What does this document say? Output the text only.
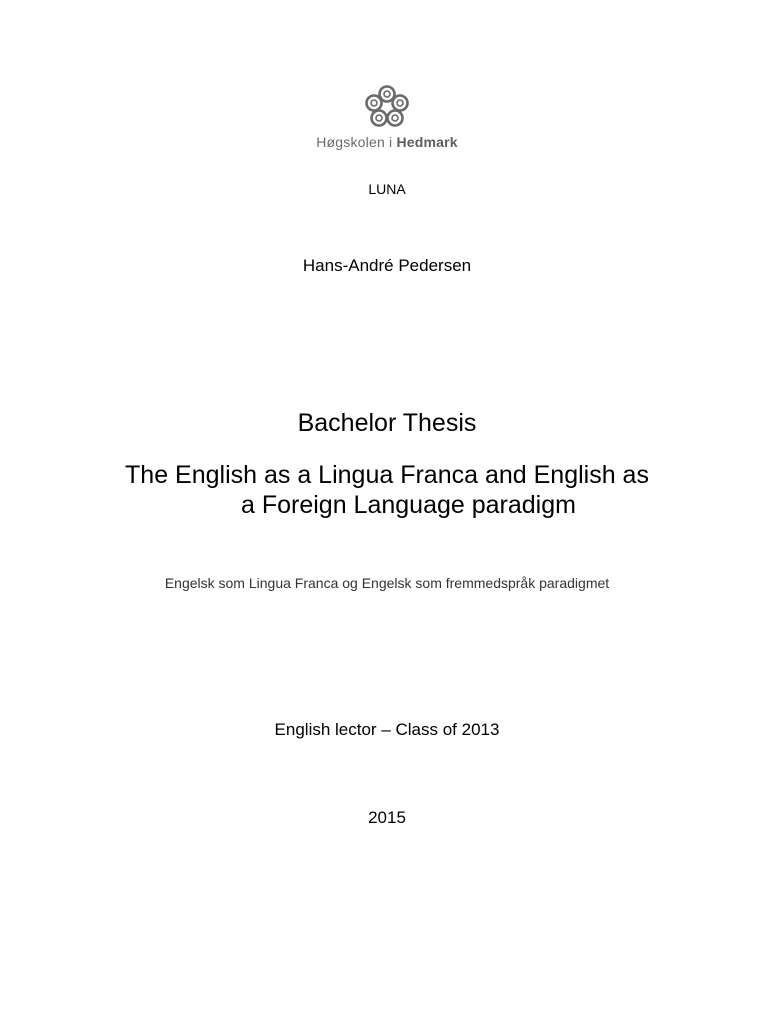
Høgskolen i Hedmark
LUNA
Hans-André Pedersen
Bachelor Thesis
The English as a Lingua Franca and English as
a Foreign Language paradigm
Engelsk som Lingua Franca og Engelsk som fremmedspråk paradigmet
English lector – Class of 2013
2015
